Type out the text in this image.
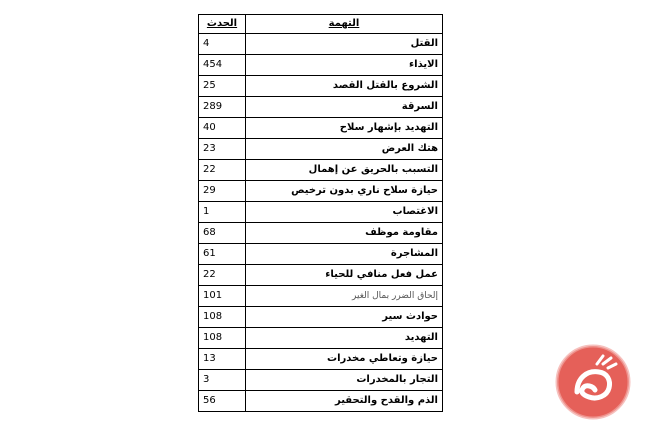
الحدث	التهمة
4	القتل
454	الايذاء
25	الشروع بالقتل القصد
289	السرقة
40	التهديد بإشهار سلاح
23	هتك العرض
22	التسبب بالحريق عن إهمال
29	حيازة سلاح ناري بدون ترخيص
1	الاغتصاب
68	مقاومة موظف
61	المشاجرة
22	عمل فعل منافي للحياء
101	إلحاق الضرر بمال الغير
108	حوادث سير
108	التهديد
13	حيازة وتعاطي مخدرات
3	التجار بالمخدرات
56	الذم والقدح والتحقير
